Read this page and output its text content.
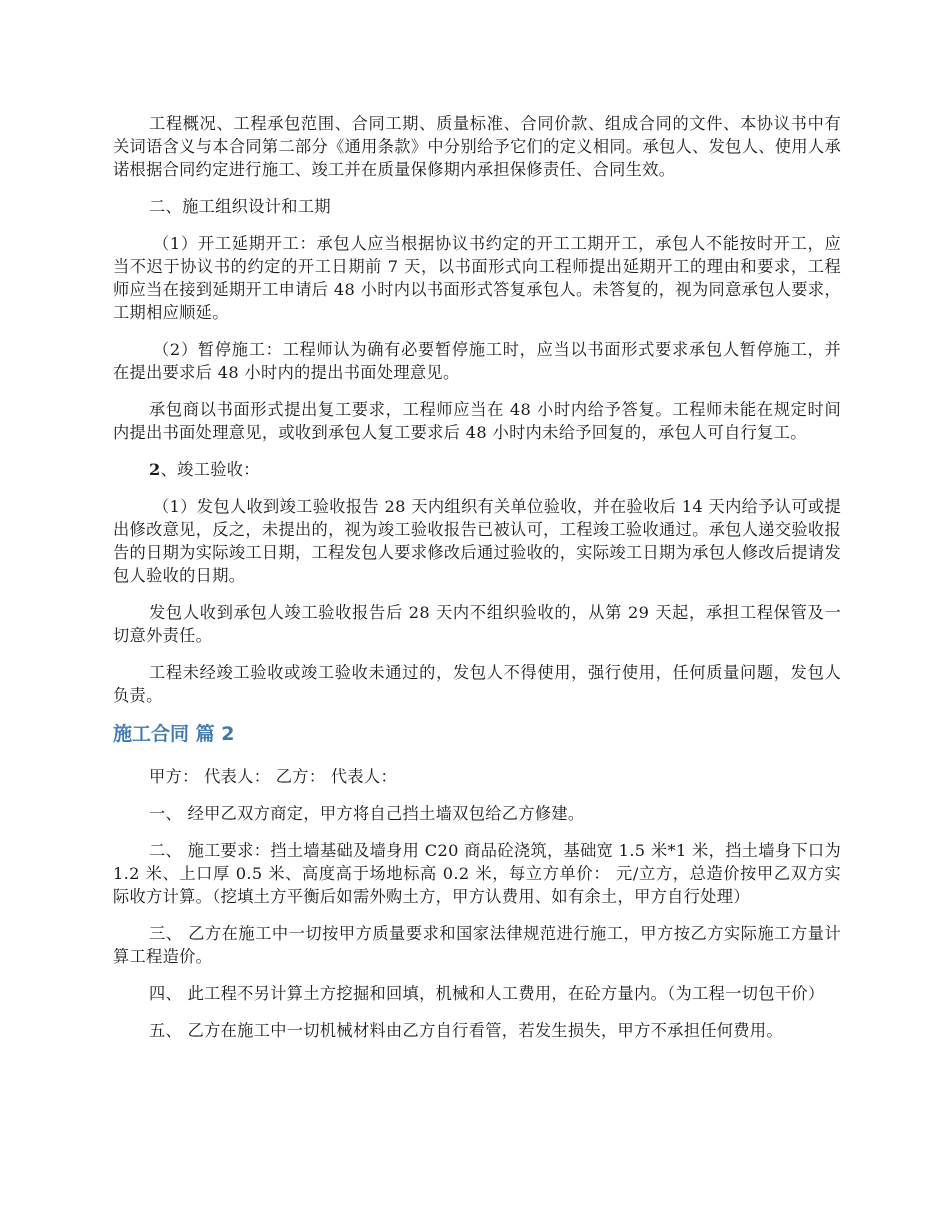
工程概况、工程承包范围、合同工期、质量标准、合同价款、组成合同的文件、本协议书中有关词语含义与本合同第二部分《通用条款》中分别给予它们的定义相同。承包人、发包人、使用人承诺根据合同约定进行施工、竣工并在质量保修期内承担保修责任、合同生效。

二、施工组织设计和工期

（1）开工延期开工：承包人应当根据协议书约定的开工工期开工，承包人不能按时开工，应当不迟于协议书的约定的开工日期前 7 天，以书面形式向工程师提出延期开工的理由和要求，工程师应当在接到延期开工申请后 48 小时内以书面形式答复承包人。未答复的，视为同意承包人要求，工期相应顺延。

（2）暂停施工：工程师认为确有必要暂停施工时，应当以书面形式要求承包人暂停施工，并在提出要求后 48 小时内的提出书面处理意见。

承包商以书面形式提出复工要求，工程师应当在 48 小时内给予答复。工程师未能在规定时间内提出书面处理意见，或收到承包人复工要求后 48 小时内未给予回复的，承包人可自行复工。

2、竣工验收：

（1）发包人收到竣工验收报告 28 天内组织有关单位验收，并在验收后 14 天内给予认可或提出修改意见，反之，未提出的，视为竣工验收报告已被认可，工程竣工验收通过。承包人递交验收报告的日期为实际竣工日期，工程发包人要求修改后通过验收的，实际竣工日期为承包人修改后提请发包人验收的日期。

发包人收到承包人竣工验收报告后 28 天内不组织验收的，从第 29 天起，承担工程保管及一切意外责任。

工程未经竣工验收或竣工验收未通过的，发包人不得使用，强行使用，任何质量问题，发包人负责。

施工合同 篇 2

甲方： 代表人： 乙方： 代表人：

一、 经甲乙双方商定，甲方将自己挡土墙双包给乙方修建。

二、 施工要求：挡土墙基础及墙身用 C20 商品砼浇筑，基础宽 1.5 米*1 米，挡土墙身下口为 1.2 米、上口厚 0.5 米、高度高于场地标高 0.2 米，每立方单价： 元/立方，总造价按甲乙双方实际收方计算。（挖填土方平衡后如需外购土方，甲方认费用、如有余土，甲方自行处理）

三、 乙方在施工中一切按甲方质量要求和国家法律规范进行施工，甲方按乙方实际施工方量计算工程造价。

四、 此工程不另计算土方挖掘和回填，机械和人工费用，在砼方量内。（为工程一切包干价）

五、 乙方在施工中一切机械材料由乙方自行看管，若发生损失，甲方不承担任何费用。
